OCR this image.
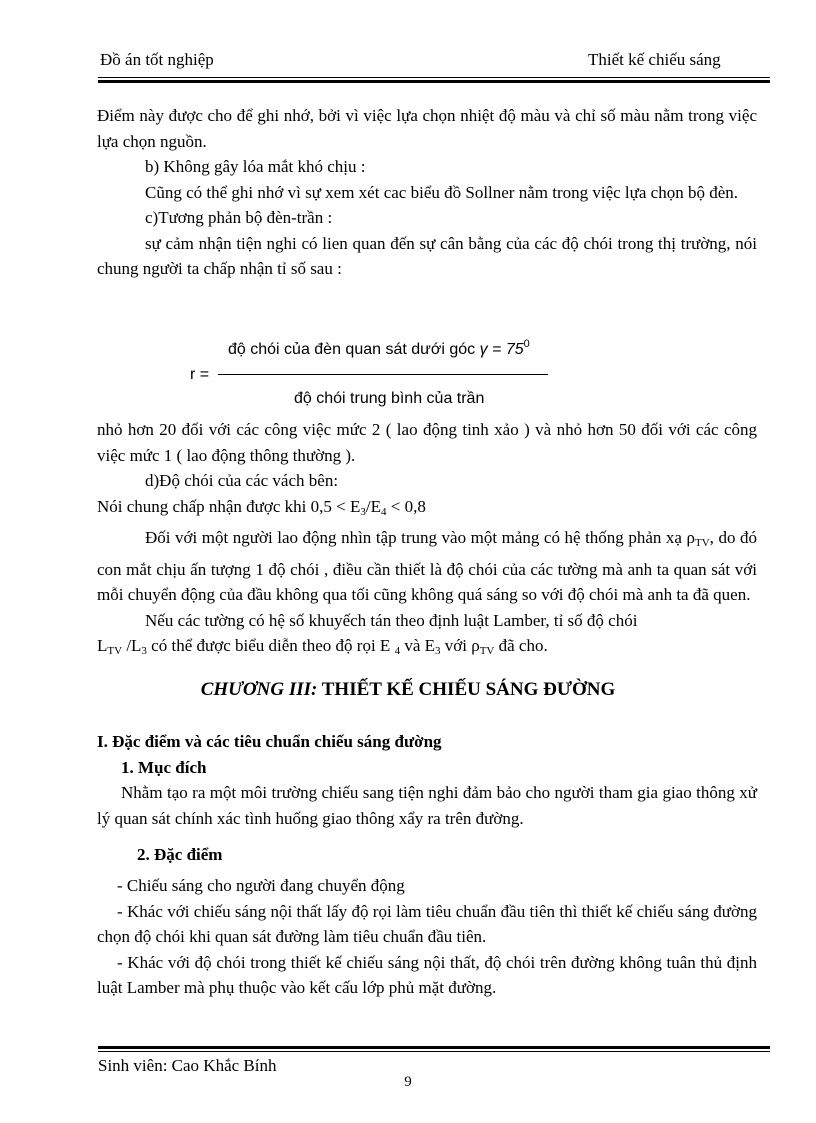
Đồ án tốt nghiệp	Thiết kế chiếu sáng

Điểm này được cho để ghi nhớ, bởi vì việc lựa chọn nhiệt độ màu và chỉ số màu nằm trong việc lựa chọn nguồn.

b) Không gây lóa mắt khó chịu :

Cũng có thể ghi nhớ vì sự xem xét cac biểu đồ Sollner nằm trong việc lựa chọn bộ đèn.

c)Tương phản bộ đèn-trần :

sự cảm nhận tiện nghi có lien quan đến sự cân bằng của các độ chói trong thị trường, nói chung người ta chấp nhận tỉ số sau :

r =
độ chói của đèn quan sát dưới góc $\gamma = 75^0$
độ chói trung bình của trần

nhỏ hơn 20 đối với các công việc mức 2 ( lao động tinh xảo ) và nhỏ hơn 50 đối với các công việc mức 1 ( lao động thông thường ).

d)Độ chói của các vách bên:

Nói chung chấp nhận được khi $0,5 < E_3/E_4 < 0,8$

Đối với một người lao động nhìn tập trung vào một mảng có hệ thống phản xạ $\rho_{TV}$, do đó con mắt chịu ấn tượng 1 độ chói , điều cần thiết là độ chói của các tường mà anh ta quan sát với mỗi chuyển động của đầu không qua tối cũng không quá sáng so với độ chói mà anh ta đã quen.

Nếu các tường có hệ số khuyếch tán theo định luật Lamber, tỉ số độ chói
$L_{TV}$ $/L_3$ có thể được biểu diễn theo độ rọi E $_4$ và $E_3$ với $\rho_{TV}$ đã cho.

CHƯƠNG III: THIẾT KẾ CHIẾU SÁNG ĐƯỜNG
I. Đặc điểm và các tiêu chuẩn chiếu sáng đường
1. Mục đích

Nhằm tạo ra một môi trường chiếu sang tiện nghi đảm bảo cho người tham gia giao thông xử lý quan sát chính xác tình huống giao thông xẩy ra trên đường.

2. Đặc điểm

- Chiếu sáng cho người đang chuyển động

- Khác với chiếu sáng nội thất lấy độ rọi làm tiêu chuẩn đầu tiên thì thiết kế chiếu sáng đường chọn độ chói khi quan sát đường làm tiêu chuẩn đầu tiên.

- Khác với độ chói trong thiết kế chiếu sáng nội thất, độ chói trên đường không tuân thủ định luật Lamber mà phụ thuộc vào kết cấu lớp phủ mặt đường.

Sinh viên: Cao Khắc Bính
9
